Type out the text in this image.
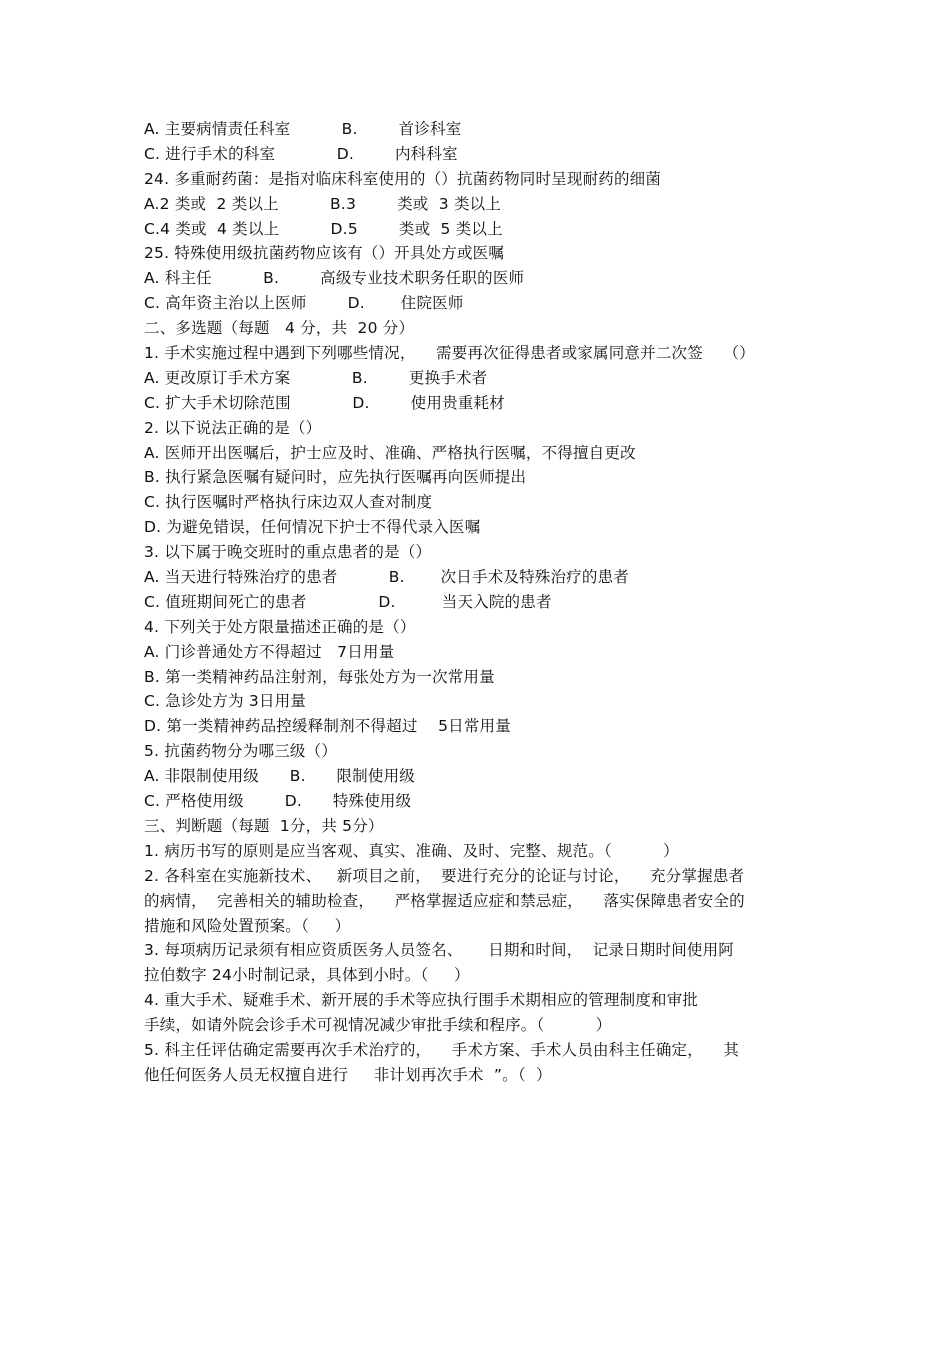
A. 主要病情责任科室          B.        首诊科室
C. 进行手术的科室            D.        内科科室
24. 多重耐药菌：是指对临床科室使用的（）抗菌药物同时呈现耐药的细菌
A.2 类或  2 类以上          B.3        类或  3 类以上
C.4 类或  4 类以上          D.5        类或  5 类以上
25. 特殊使用级抗菌药物应该有（）开具处方或医嘱
A. 科主任          B.        高级专业技术职务任职的医师
C. 高年资主治以上医师        D.       住院医师
二、多选题（每题   4 分，共  20 分）
1. 手术实施过程中遇到下列哪些情况，    需要再次征得患者或家属同意并二次签    （）
A. 更改原订手术方案            B.        更换手术者
C. 扩大手术切除范围            D.        使用贵重耗材
2. 以下说法正确的是（）
A. 医师开出医嘱后，护士应及时、准确、严格执行医嘱，不得擅自更改
B. 执行紧急医嘱有疑问时，应先执行医嘱再向医师提出
C. 执行医嘱时严格执行床边双人查对制度
D. 为避免错误，任何情况下护士不得代录入医嘱
3. 以下属于晚交班时的重点患者的是（）
A. 当天进行特殊治疗的患者          B.       次日手术及特殊治疗的患者
C. 值班期间死亡的患者              D.         当天入院的患者
4. 下列关于处方限量描述正确的是（）
A. 门诊普通处方不得超过   7日用量
B. 第一类精神药品注射剂，每张处方为一次常用量
C. 急诊处方为 3日用量
D. 第一类精神药品控缓释制剂不得超过    5日常用量
5. 抗菌药物分为哪三级（）
A. 非限制使用级      B.      限制使用级
C. 严格使用级        D.      特殊使用级
三、判断题（每题  1分，共 5分）
1. 病历书写的原则是应当客观、真实、准确、及时、完整、规范。（          ）
2. 各科室在实施新技术、   新项目之前，  要进行充分的论证与讨论，    充分掌握患者
的病情，  完善相关的辅助检查，    严格掌握适应症和禁忌症，    落实保障患者安全的
措施和风险处置预案。（     ）
3. 每项病历记录须有相应资质医务人员签名、     日期和时间，  记录日期时间使用阿
拉伯数字 24小时制记录，具体到小时。（     ）
4. 重大手术、疑难手术、新开展的手术等应执行围手术期相应的管理制度和审批
手续，如请外院会诊手术可视情况减少审批手续和程序。（          ）
5. 科主任评估确定需要再次手术治疗的，    手术方案、手术人员由科主任确定，    其
他任何医务人员无权擅自进行     非计划再次手术  ”。（  ）
